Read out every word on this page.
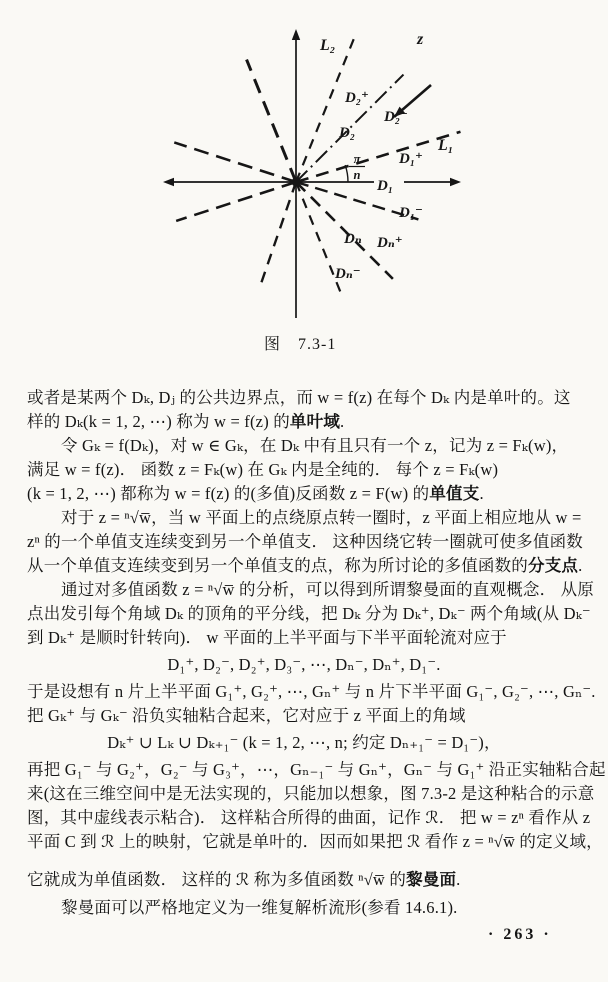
π
n
L₂	z
D₂⁺
D₂⁻
D₂
L₁
D₁⁺
D₁
D₁⁻
Dₙ Dₙ⁺
Dₙ⁻
图　7.3-1
或者是某两个 Dₖ, Dⱼ 的公共边界点，而 w = f(z) 在每个 Dₖ 内是单叶的。这
样的 Dₖ(k = 1, 2, ⋯) 称为 w = f(z) 的单叶域.
令 Gₖ = f(Dₖ)，对 w ∈ Gₖ，在 Dₖ 中有且只有一个 z，记为 z = Fₖ(w)，
满足 w = f(z)． 函数 z = Fₖ(w) 在 Gₖ 内是全纯的． 每个 z = Fₖ(w)
(k = 1, 2, ⋯) 都称为 w = f(z) 的(多值)反函数 z = F(w) 的单值支.
对于 z = ⁿ√w̅，当 w 平面上的点绕原点转一圈时，z 平面上相应地从 w =
zⁿ 的一个单值支连续变到另一个单值支． 这种因绕它转一圈就可使多值函数
从一个单值支连续变到另一个单值支的点，称为所讨论的多值函数的分支点.
通过对多值函数 z = ⁿ√w̅ 的分析，可以得到所谓黎曼面的直观概念． 从原
点出发引每个角域 Dₖ 的顶角的平分线，把 Dₖ 分为 Dₖ⁺, Dₖ⁻ 两个角域(从 Dₖ⁻
到 Dₖ⁺ 是顺时针转向)． w 平面的上半平面与下半平面轮流对应于
D₁⁺, D₂⁻, D₂⁺, D₃⁻, ⋯, Dₙ⁻, Dₙ⁺, D₁⁻.
于是设想有 n 片上半平面 G₁⁺, G₂⁺, ⋯, Gₙ⁺ 与 n 片下半平面 G₁⁻, G₂⁻, ⋯, Gₙ⁻.
把 Gₖ⁺ 与 Gₖ⁻ 沿负实轴粘合起来，它对应于 z 平面上的角域
Dₖ⁺ ∪ Lₖ ∪ Dₖ₊₁⁻ (k = 1, 2, ⋯, n; 约定 Dₙ₊₁⁻ = D₁⁻)，
再把 G₁⁻ 与 G₂⁺，G₂⁻ 与 G₃⁺，⋯，Gₙ₋₁⁻ 与 Gₙ⁺，Gₙ⁻ 与 G₁⁺ 沿正实轴粘合起
来(这在三维空间中是无法实现的，只能加以想象，图 7.3-2 是这种粘合的示意
图，其中虚线表示粘合)． 这样粘合所得的曲面，记作 ℛ． 把 w = zⁿ 看作从 z
平面 C 到 ℛ 上的映射，它就是单叶的．因而如果把 ℛ 看作 z = ⁿ√w̅ 的定义域，
它就成为单值函数． 这样的 ℛ 称为多值函数 ⁿ√w̅ 的黎曼面.
黎曼面可以严格地定义为一维复解析流形(参看 14.6.1).
· 263 ·
